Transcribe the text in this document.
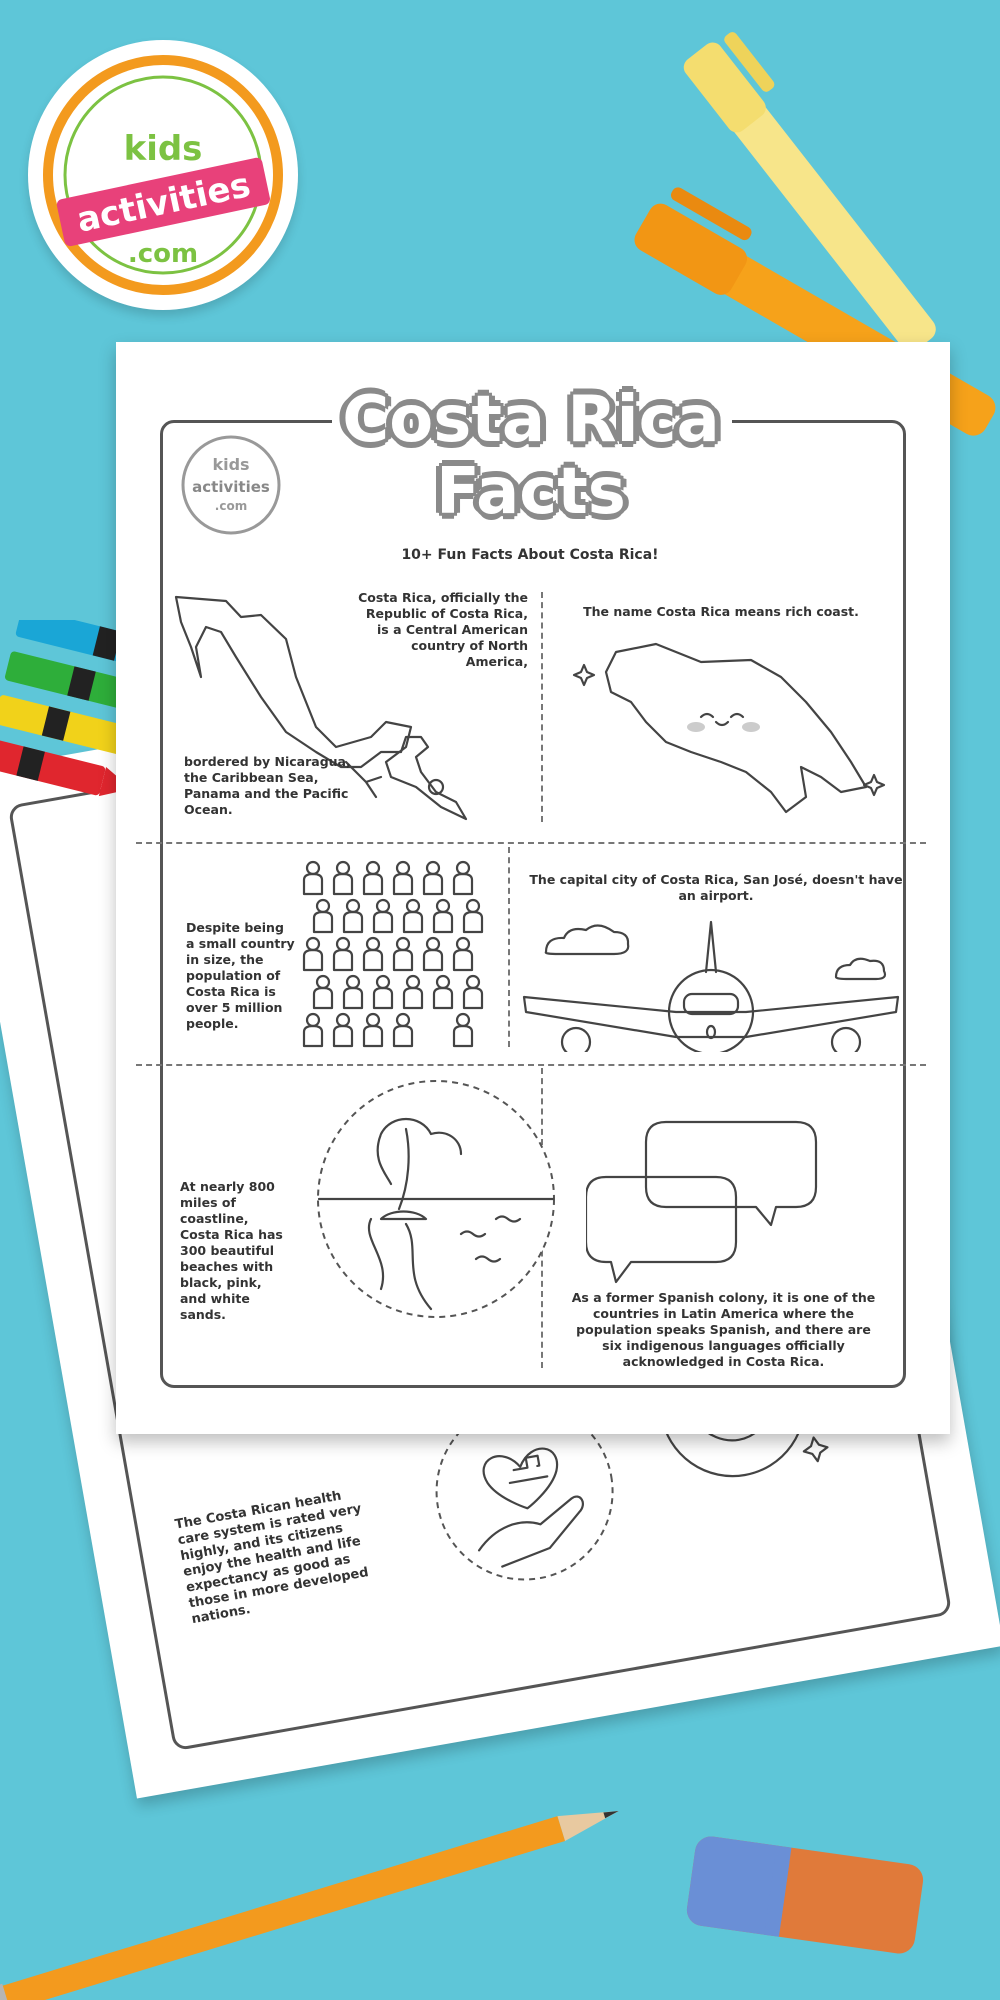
The Costa Rican health care system is rated very highly, and its citizens enjoy the health and life expectancy as good as those in more developed nations.
Costa Rica
Facts
kids
activities
.com
10+ Fun Facts About Costa Rica!
Costa Rica, officially the Republic of Costa Rica, is a Central American country of North America,
bordered by Nicaragua, the Caribbean Sea, Panama and the Pacific Ocean.
The name Costa Rica means rich coast.
Despite being a small country in size, the population of Costa Rica is over 5 million people.
The capital city of Costa Rica, San José, doesn't have an airport.
At nearly 800 miles of coastline, Costa Rica has 300 beautiful beaches with black, pink, and white sands.
As a former Spanish colony, it is one of the countries in Latin America where the population speaks Spanish, and there are six indigenous languages officially acknowledged in Costa Rica.
kids
activities
.com
